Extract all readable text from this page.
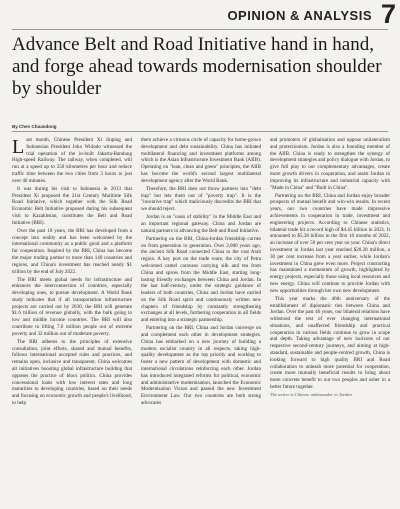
OPINION & ANALYSIS 7
Advance Belt and Road Initiative hand in hand, and forge ahead towards modernisation shoulder by shoulder

By Chen Chuandong

Last month, Chinese President Xi Jinping and Indonesian President Joko Widodo witnessed the trial operation of the in-built Jakarta-Bandung High-speed Railway. The railway, when completed, will run at a speed up to 350 kilometres per hour and reduce traffic time between the two cities from 3 hours to just over 40 minutes.

It was during his visit to Indonesia in 2013 that President Xi proposed the 21st Century Maritime Silk Road Initiative, which together with the Silk Road Economic Belt Initiative proposed during his subsequent visit to Kazakhstan, constitutes the Belt and Road Initiative (BRI).

Over the past 10 years, the BRI has developed from a concept into reality and has been welcomed by the international community as a public good and a platform for cooperation. Inspired by the BRI, China has become the major trading partner to more than 140 countries and regions, and China's investment has reached nearly $1 trillion by the end of July 2022.

The BRI meets global needs for infrastructure and enhances the interconnection of countries, especially developing ones, to pursue development. A World Bank study indicates that if all transportation infrastructure projects are carried out by 2030, the BRI will generate $1.6 trillion of revenue globally, with the bulk going to low and middle income countries. The BRI will also contribute to lifting 7.6 million people out of extreme poverty and 32 million out of moderate poverty.

The BRI adheres to the principles of extensive consultation, joint efforts, shared and mutual benefits, follows international accepted rules and practices, and remains open, inclusive and transparent. China welcomes all initiatives boosting global infrastructure building that opposes the practice of blocs politics. China provides concessional loans with low interest rates and long maturities to developing countries, based on their needs and focusing on economic growth and people's livelihood, to help

them achieve a virtuous circle of capacity for home-grown development and debt sustainability. China has initiated multilateral financing and investment platforms among which is the Asian Infrastructure Investment Bank (AIIB). Operating on "lean, clean and green" principles, the AIIB has become the world's second largest multilateral development agency after the World Bank.

Therefore, the BRI does not throw partners into "debt trap" but lets them out of "poverty trap". It is the "incentive trap" which maliciously discredits the BRI that we should reject.

Jordan is an "oasis of stability" in the Middle East and an important regional gateway. China and Jordan are natural partners in advancing the Belt and Road Initiative.

Partnering on the BRI, China-Jordan friendship carries on from generation to generation. Over 2,000 years ago, the ancient Silk Road connected China to the vast Arab region. A key port on the trade route, the city of Petra welcomed camel caravans carrying silk and tea from China and spices from the Middle East, starting long-lasting friendly exchanges between China and Jordan. In the last half-century, under the strategic guidance of leaders of both countries, China and Jordan have carried on the Silk Road spirit and continuously written new chapters of friendship by constantly strengthening exchanges at all levels, furthering cooperation in all fields and entering into a strategic partnership.

Partnering on the BRI, China and Jordan converge on and complement each other in development strategies. China has embarked on a new journey of building a modern socialist country in all respects, taking high-quality development as the top priority and working to foster a new pattern of development with domestic and international circulations reinforcing each other. Jordan has introduced integrated reforms for political, economic and administrative modernisation, launched the Economic Modernisation Vision and passed the new Investment Environment Law. Our two countries are both strong advocates

and promoters of globalisation and oppose unilateralism and protectionism. Jordan is also a founding member of the AIIB. China is ready to strengthen the synergy of development strategies and policy dialogue with Jordan, to give full play to our complementary advantages, create more growth drivers in cooperation, and assist Jordan in improving its infrastructure and industrial capacity with "Made in China" and "Built in China".

Partnering on the BRI, China and Jordan enjoy broader prospects of mutual benefit and win-win results. In recent years, our two countries have made impressive achievements in cooperation in trade, investment and engineering projects. According to Chinese statistics, bilateral trade hit a record high of $4.45 billion in 2021. It amounted to $5.38 billion in the first 10 months of 2022, an increase of over 50 per cent year on year. China's direct investment in Jordan last year reached $20.28 million, a 30 per cent increase from a year earlier, while Jordan's investment in China grew even more. Project contracting has maintained a momentum of growth, highlighted by energy projects, especially those using local resources and new energy. China will continue to provide Jordan with new opportunities through her own new development.

This year marks the 46th anniversary of the establishment of diplomatic ties between China and Jordan. Over the past 46 years, our bilateral relations have withstood the test of ever changing international situations, and unaffected friendship and practical cooperation in various fields continue to grow in scope and depth. Taking advantage of new horizons of our respective second-century journeys, and aiming at high-standard, sustainable and people-centred growth, China is looking forward to high quality BRI and Road collaboration to unleash more potential for cooperation, create more mutually beneficial results to bring about more concrete benefit to our two peoples and usher in a better future together.

The writer is Chinese ambassador to Jordan
